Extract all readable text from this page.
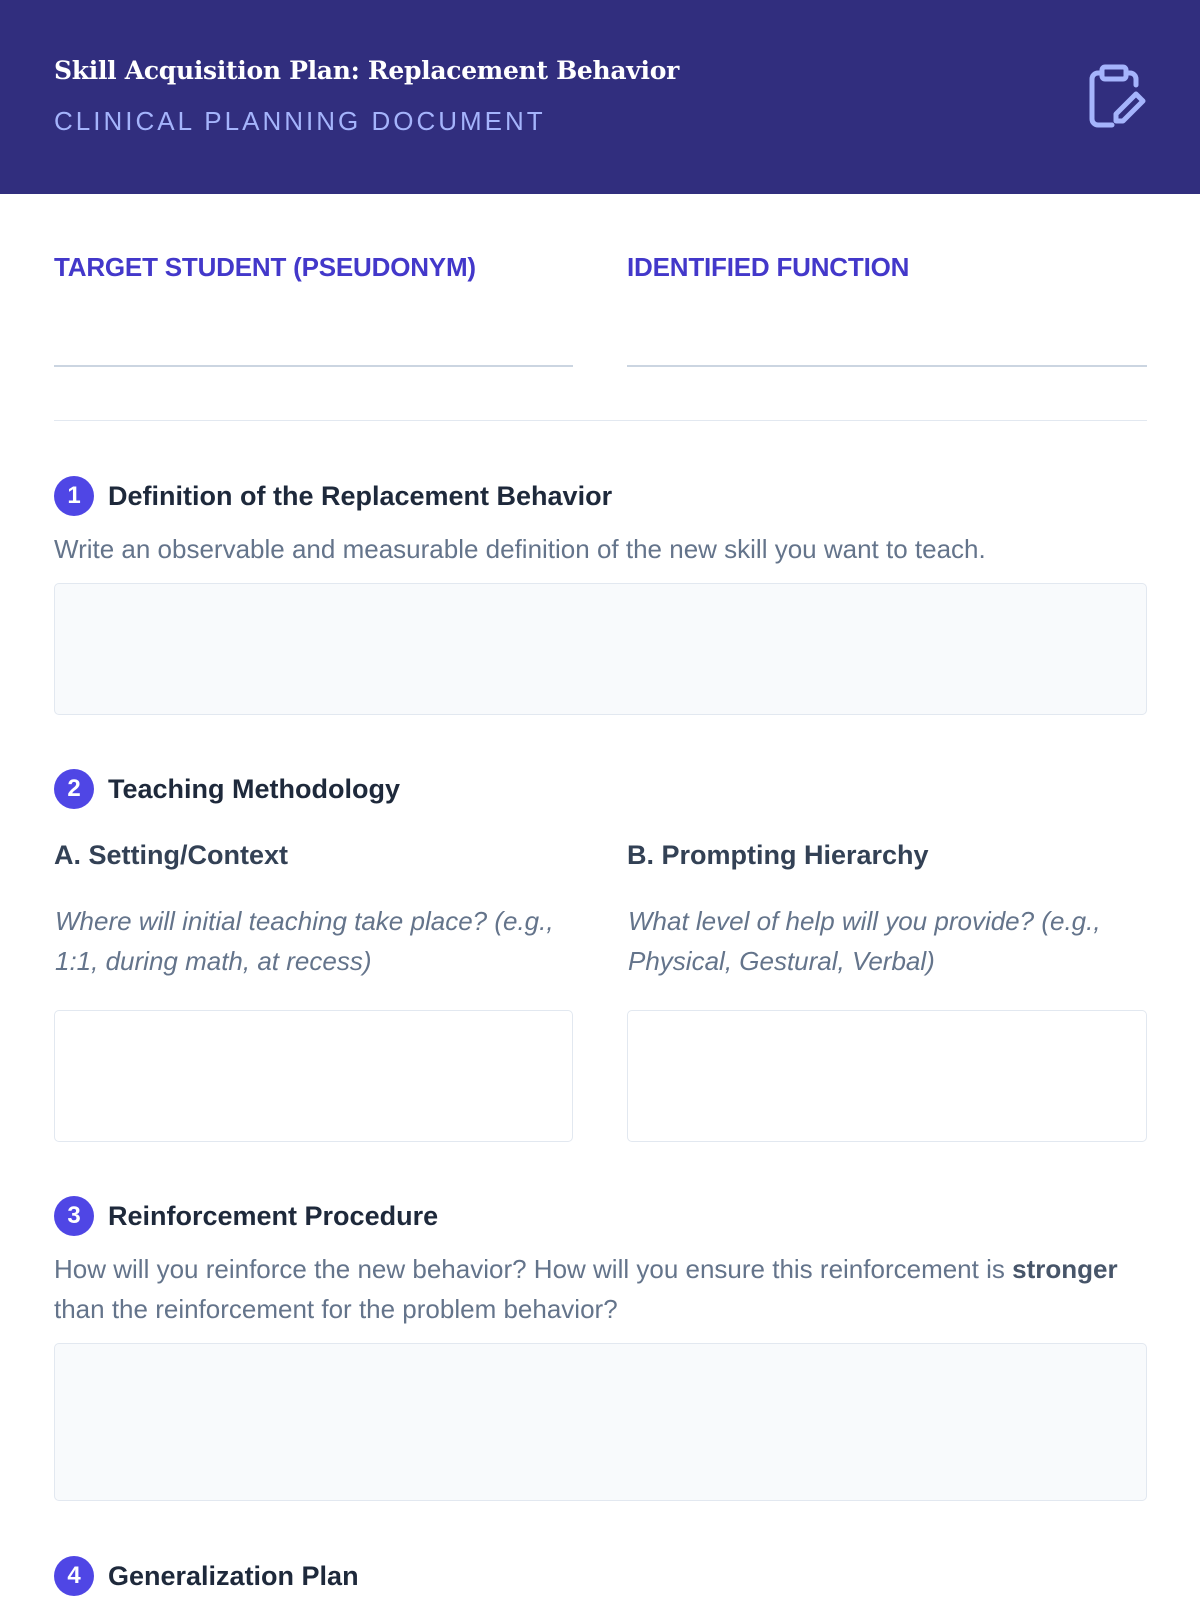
Skill Acquisition Plan: Replacement Behavior
CLINICAL PLANNING DOCUMENT
TARGET STUDENT (PSEUDONYM)	IDENTIFIED FUNCTION
1	Definition of the Replacement Behavior
Write an observable and measurable definition of the new skill you want to teach.
2	Teaching Methodology
A. Setting/Context
Where will initial teaching take place? (e.g., 1:1, during math, at recess)
B. Prompting Hierarchy
What level of help will you provide? (e.g., Physical, Gestural, Verbal)
3	Reinforcement Procedure
How will you reinforce the new behavior? How will you ensure this reinforcement is stronger than the reinforcement for the problem behavior?
4	Generalization Plan
